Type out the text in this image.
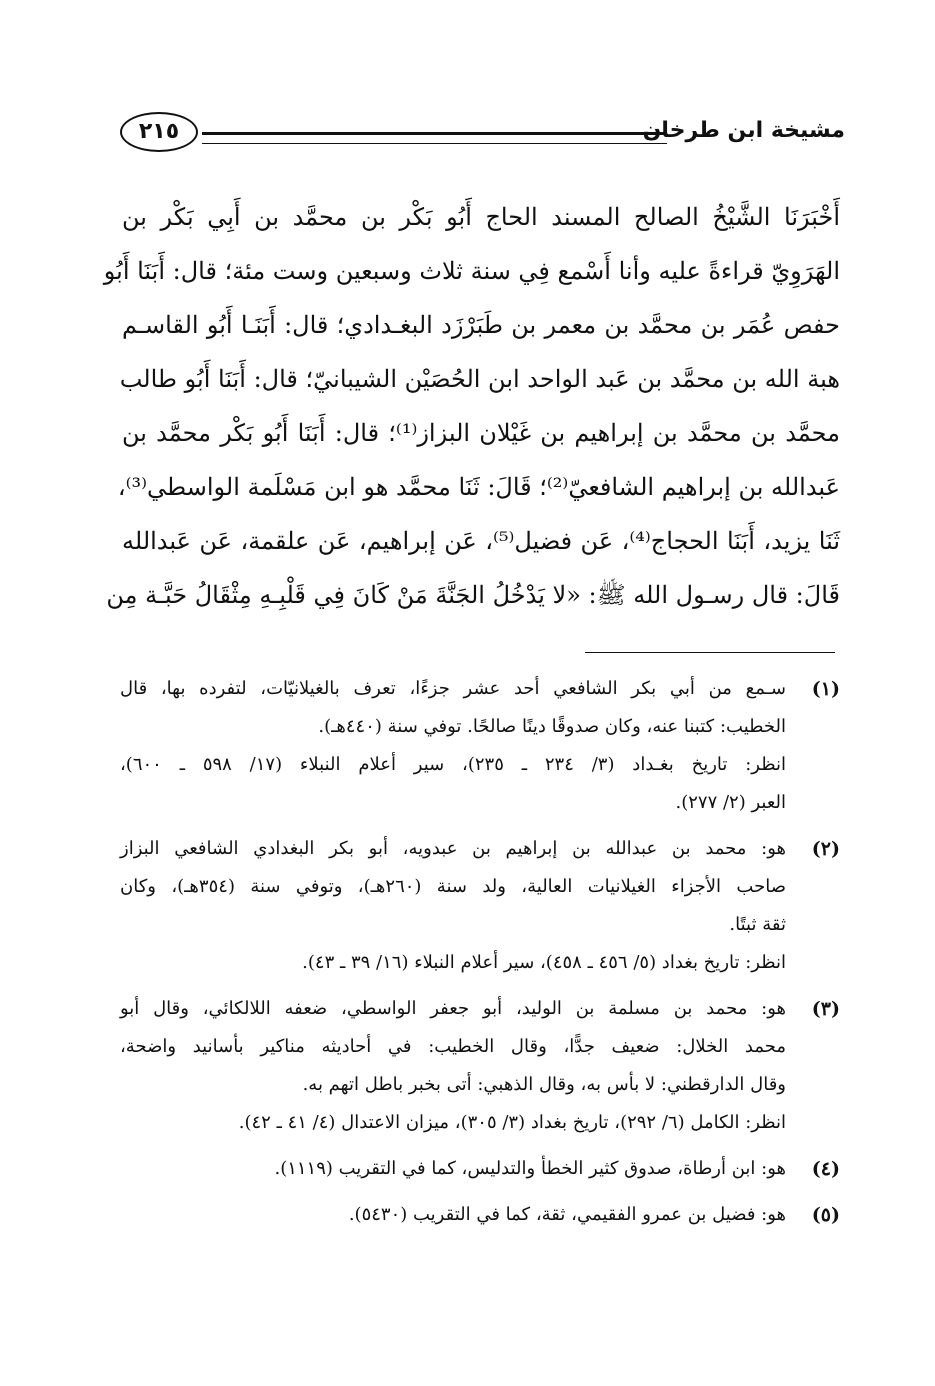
مشيخة ابن طرخان
٢١٥
أَخْبَرَنَا الشَّيْخُ الصالح المسند الحاج أَبُو بَكْر بن محمَّد بن أَبِي بَكْر بن
الهَرَوِيّ قراءةً عليه وأنا أَسْمع فِي سنة ثلاث وسبعين وست مئة؛ قال: أَبَنَا أَبُو
حفص عُمَر بن محمَّد بن معمر بن طَبَرْزَد البغـدادي؛ قال: أَبَنَـا أَبُو القاسـم
هبة الله بن محمَّد بن عَبد الواحد ابن الحُصَيْن الشيبانيّ؛ قال: أَبَنَا أَبُو طالب
محمَّد بن محمَّد بن إبراهيم بن غَيْلان البزاز⁽¹⁾؛ قال: أَبَنَا أَبُو بَكْر محمَّد بن
عَبدالله بن إبراهيم الشافعيّ⁽²⁾؛ قَالَ: ثَنَا محمَّد هو ابن مَسْلَمة الواسطي⁽³⁾،
ثَنَا يزيد، أَبَنَا الحجاج⁽⁴⁾، عَن فضيل⁽⁵⁾، عَن إبراهيم، عَن علقمة، عَن عَبدالله
قَالَ: قال رسـول الله ﷺ: «لا يَدْخُلُ الجَنَّةَ مَنْ كَانَ فِي قَلْبِـهِ مِثْقَالُ حَبَّـة مِن
(١)
سـمع من أبي بكر الشافعي أحد عشر جزءًا، تعرف بالغيلانيّات، لتفرده بها، قال
الخطيب: كتبنا عنه، وكان صدوقًا دينًا صالحًا. توفي سنة (٤٤٠هـ).
انظر: تاريخ بغـداد (٣/ ٢٣٤ ـ ٢٣٥)، سير أعلام النبلاء (١٧/ ٥٩٨ ـ ٦٠٠)،
العبر (٢/ ٢٧٧).
(٢)
هو: محمد بن عبدالله بن إبراهيم بن عبدويه، أبو بكر البغدادي الشافعي البزاز
صاحب الأجزاء الغيلانيات العالية، ولد سنة (٢٦٠هـ)، وتوفي سنة (٣٥٤هـ)، وكان
ثقة ثبتًا.
انظر: تاريخ بغداد (٥/ ٤٥٦ ـ ٤٥٨)، سير أعلام النبلاء (١٦/ ٣٩ ـ ٤٣).
(٣)
هو: محمد بن مسلمة بن الوليد، أبو جعفر الواسطي، ضعفه اللالكائي، وقال أبو
محمد الخلال: ضعيف جدًّا، وقال الخطيب: في أحاديثه مناكير بأسانيد واضحة،
وقال الدارقطني: لا بأس به، وقال الذهبي: أتى بخبر باطل اتهم به.
انظر: الكامل (٦/ ٢٩٢)، تاريخ بغداد (٣/ ٣٠٥)، ميزان الاعتدال (٤/ ٤١ ـ ٤٢).
(٤)
هو: ابن أرطاة، صدوق كثير الخطأ والتدليس، كما في التقريب (١١١٩).
(٥)
هو: فضيل بن عمرو الفقيمي، ثقة، كما في التقريب (٥٤٣٠).
